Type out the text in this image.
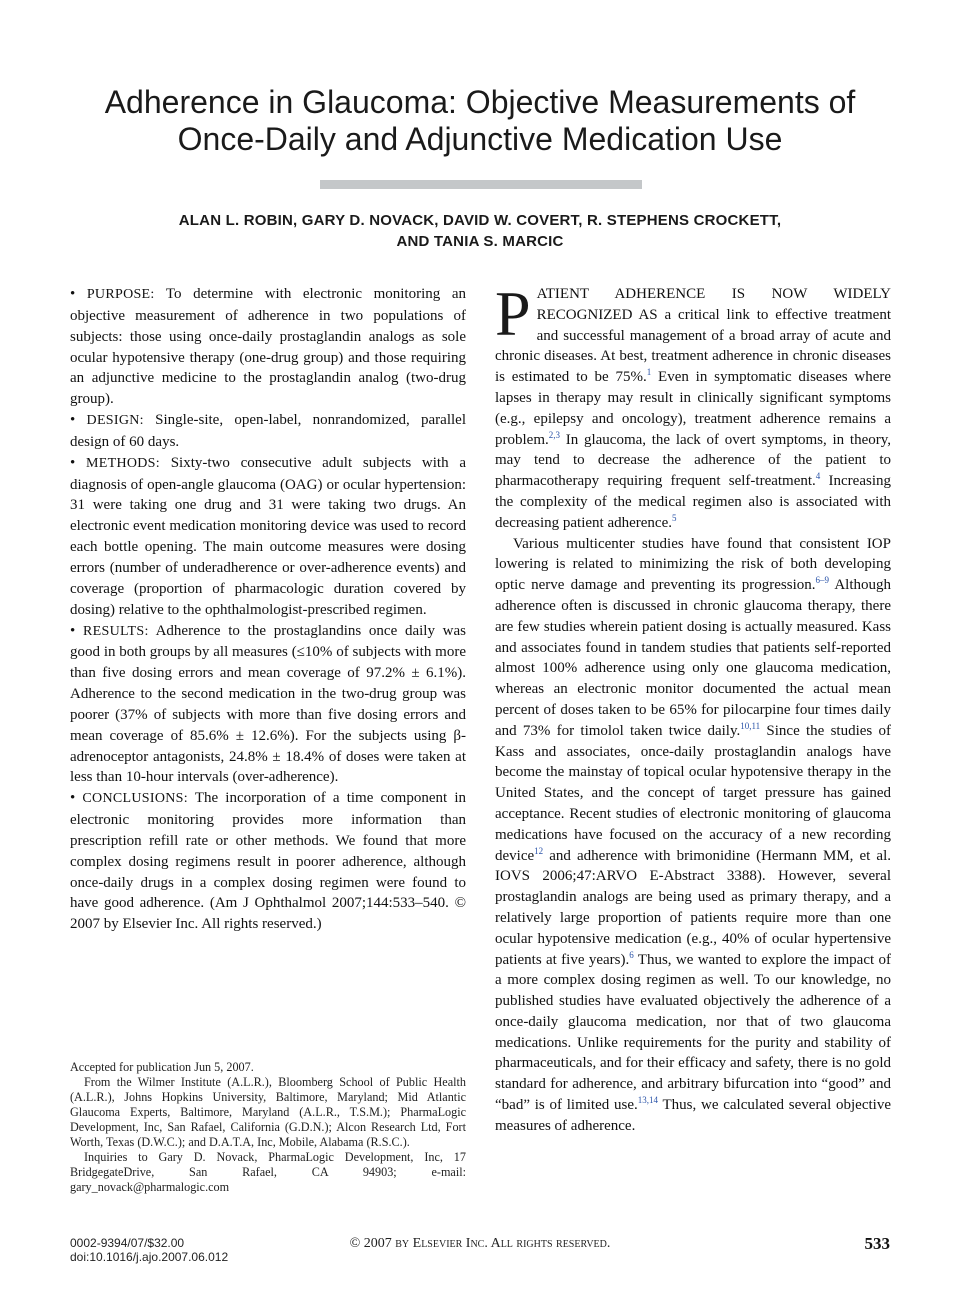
Adherence in Glaucoma: Objective Measurements of Once-Daily and Adjunctive Medication Use
ALAN L. ROBIN, GARY D. NOVACK, DAVID W. COVERT, R. STEPHENS CROCKETT,
AND TANIA S. MARCIC

• PURPOSE: To determine with electronic monitoring an objective measurement of adherence in two populations of subjects: those using once-daily prostaglandin analogs as sole ocular hypotensive therapy (one-drug group) and those requiring an adjunctive medicine to the prostaglandin analog (two-drug group).

• DESIGN: Single-site, open-label, nonrandomized, parallel design of 60 days.

• METHODS: Sixty-two consecutive adult subjects with a diagnosis of open-angle glaucoma (OAG) or ocular hypertension: 31 were taking one drug and 31 were taking two drugs. An electronic event medication monitoring device was used to record each bottle opening. The main outcome measures were dosing errors (number of underadherence or over-adherence events) and coverage (proportion of pharmacologic duration covered by dosing) relative to the ophthalmologist-prescribed regimen.

• RESULTS: Adherence to the prostaglandins once daily was good in both groups by all measures (≤10% of subjects with more than five dosing errors and mean coverage of 97.2% ± 6.1%). Adherence to the second medication in the two-drug group was poorer (37% of subjects with more than five dosing errors and mean coverage of 85.6% ± 12.6%). For the subjects using β-adrenoceptor antagonists, 24.8% ± 18.4% of doses were taken at less than 10-hour intervals (over-adherence).

• CONCLUSIONS: The incorporation of a time component in electronic monitoring provides more information than prescription refill rate or other methods. We found that more complex dosing regimens result in poorer adherence, although once-daily drugs in a complex dosing regimen were found to have good adherence. (Am J Ophthalmol 2007;144:533–540. © 2007 by Elsevier Inc. All rights reserved.)

Accepted for publication Jun 5, 2007.

From the Wilmer Institute (A.L.R.), Bloomberg School of Public Health (A.L.R.), Johns Hopkins University, Baltimore, Maryland; Mid Atlantic Glaucoma Experts, Baltimore, Maryland (A.L.R., T.S.M.); PharmaLogic Development, Inc, San Rafael, California (G.D.N.); Alcon Research Ltd, Fort Worth, Texas (D.W.C.); and D.A.T.A, Inc, Mobile, Alabama (R.S.C.).

Inquiries to Gary D. Novack, PharmaLogic Development, Inc, 17 BridgegateDrive, San Rafael, CA 94903; e-mail: gary_novack@pharmalogic.com

PATIENT ADHERENCE IS NOW WIDELY RECOGNIZED AS a critical link to effective treatment and successful management of a broad array of acute and chronic diseases. At best, treatment adherence in chronic diseases is estimated to be 75%.$^1$ Even in symptomatic diseases where lapses in therapy may result in clinically significant symptoms (e.g., epilepsy and oncology), treatment adherence remains a problem.$^{2,3}$ In glaucoma, the lack of overt symptoms, in theory, may tend to decrease the adherence of the patient to pharmacotherapy requiring frequent self-treatment.$^4$ Increasing the complexity of the medical regimen also is associated with decreasing patient adherence.$^5$

Various multicenter studies have found that consistent IOP lowering is related to minimizing the risk of both developing optic nerve damage and preventing its progression.$^{6-9}$ Although adherence often is discussed in chronic glaucoma therapy, there are few studies wherein patient dosing is actually measured. Kass and associates found in tandem studies that patients self-reported almost 100% adherence using only one glaucoma medication, whereas an electronic monitor documented the actual mean percent of doses taken to be 65% for pilocarpine four times daily and 73% for timolol taken twice daily.$^{10,11}$ Since the studies of Kass and associates, once-daily prostaglandin analogs have become the mainstay of topical ocular hypotensive therapy in the United States, and the concept of target pressure has gained acceptance. Recent studies of electronic monitoring of glaucoma medications have focused on the accuracy of a new recording device$^{12}$ and adherence with brimonidine (Hermann MM, et al. IOVS 2006;47:ARVO E-Abstract 3388). However, several prostaglandin analogs are being used as primary therapy, and a relatively large proportion of patients require more than one ocular hypotensive medication (e.g., 40% of ocular hypertensive patients at five years).$^6$ Thus, we wanted to explore the impact of a more complex dosing regimen as well. To our knowledge, no published studies have evaluated objectively the adherence of a once-daily glaucoma medication, nor that of two glaucoma medications. Unlike requirements for the purity and stability of pharmaceuticals, and for their efficacy and safety, there is no gold standard for adherence, and arbitrary bifurcation into “good” and “bad” is of limited use.$^{13,14}$ Thus, we calculated several objective measures of adherence.

0002-9394/07/$32.00
doi:10.1016/j.ajo.2007.06.012
© 2007 by Elsevier Inc. All rights reserved.	533
